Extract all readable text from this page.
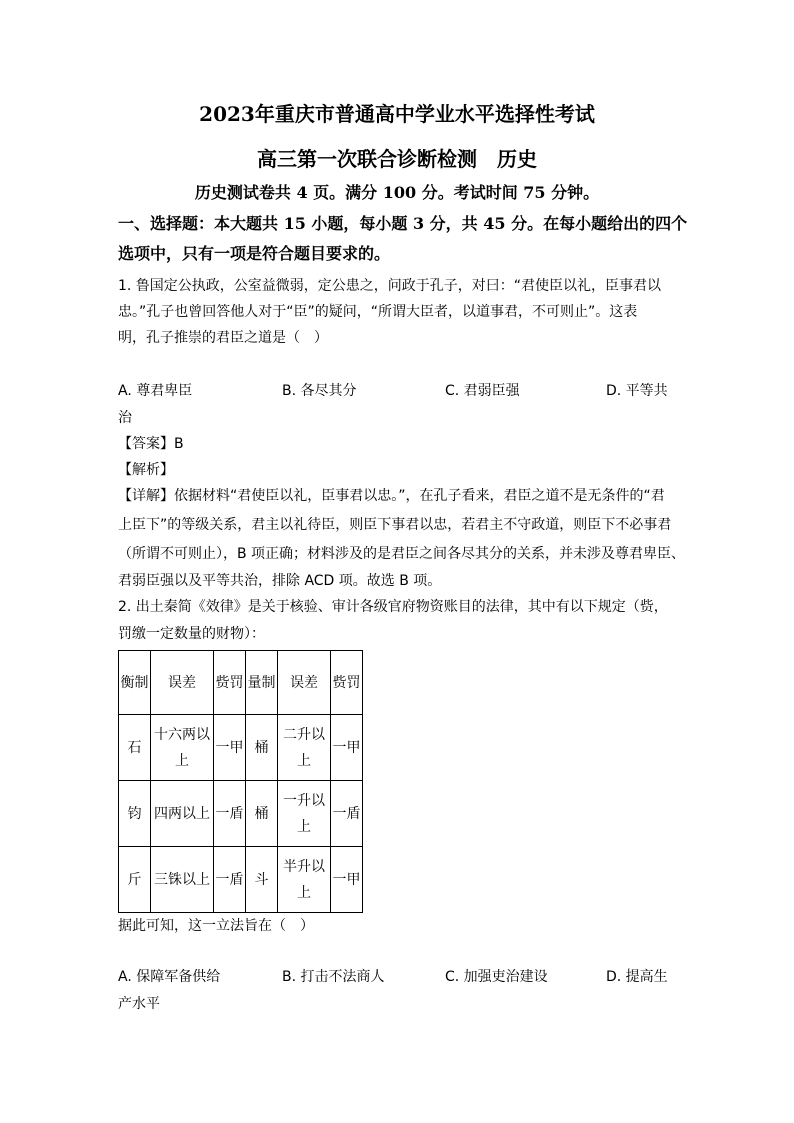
2023年重庆市普通高中学业水平选择性考试
高三第一次联合诊断检测　历史
历史测试卷共 4 页。满分 100 分。考试时间 75 分钟。
一、选择题：本大题共 15 小题，每小题 3 分，共 45 分。在每小题给出的四个
选项中，只有一项是符合题目要求的。
1. 鲁国定公执政，公室益微弱，定公患之，问政于孔子，对曰：“君使臣以礼，臣事君以
忠。”孔子也曾回答他人对于“臣”的疑问，“所谓大臣者，以道事君，不可则止”。这表
明，孔子推崇的君臣之道是（　）
A. 尊君卑臣	B. 各尽其分	C. 君弱臣强	D. 平等共
治
【答案】B
【解析】
【详解】依据材料“君使臣以礼，臣事君以忠。”，在孔子看来，君臣之道不是无条件的“君
上臣下”的等级关系，君主以礼待臣，则臣下事君以忠，若君主不守政道，则臣下不必事君
（所谓不可则止），B 项正确；材料涉及的是君臣之间各尽其分的关系，并未涉及尊君卑臣、
君弱臣强以及平等共治，排除 ACD 项。故选 B 项。
2. 出土秦简《效律》是关于核验、审计各级官府物资账目的法律，其中有以下规定（赀，
罚缴一定数量的财物）：
衡制	误差	赀罚	量制	误差	赀罚
石	十六两以上	一甲	桶	二升以上	一甲
钧	四两以上	一盾	桶	一升以上	一盾
斤	三铢以上	一盾	斗	半升以上	一甲
据此可知，这一立法旨在（　）
A. 保障军备供给	B. 打击不法商人	C. 加强吏治建设	D. 提高生
产水平
